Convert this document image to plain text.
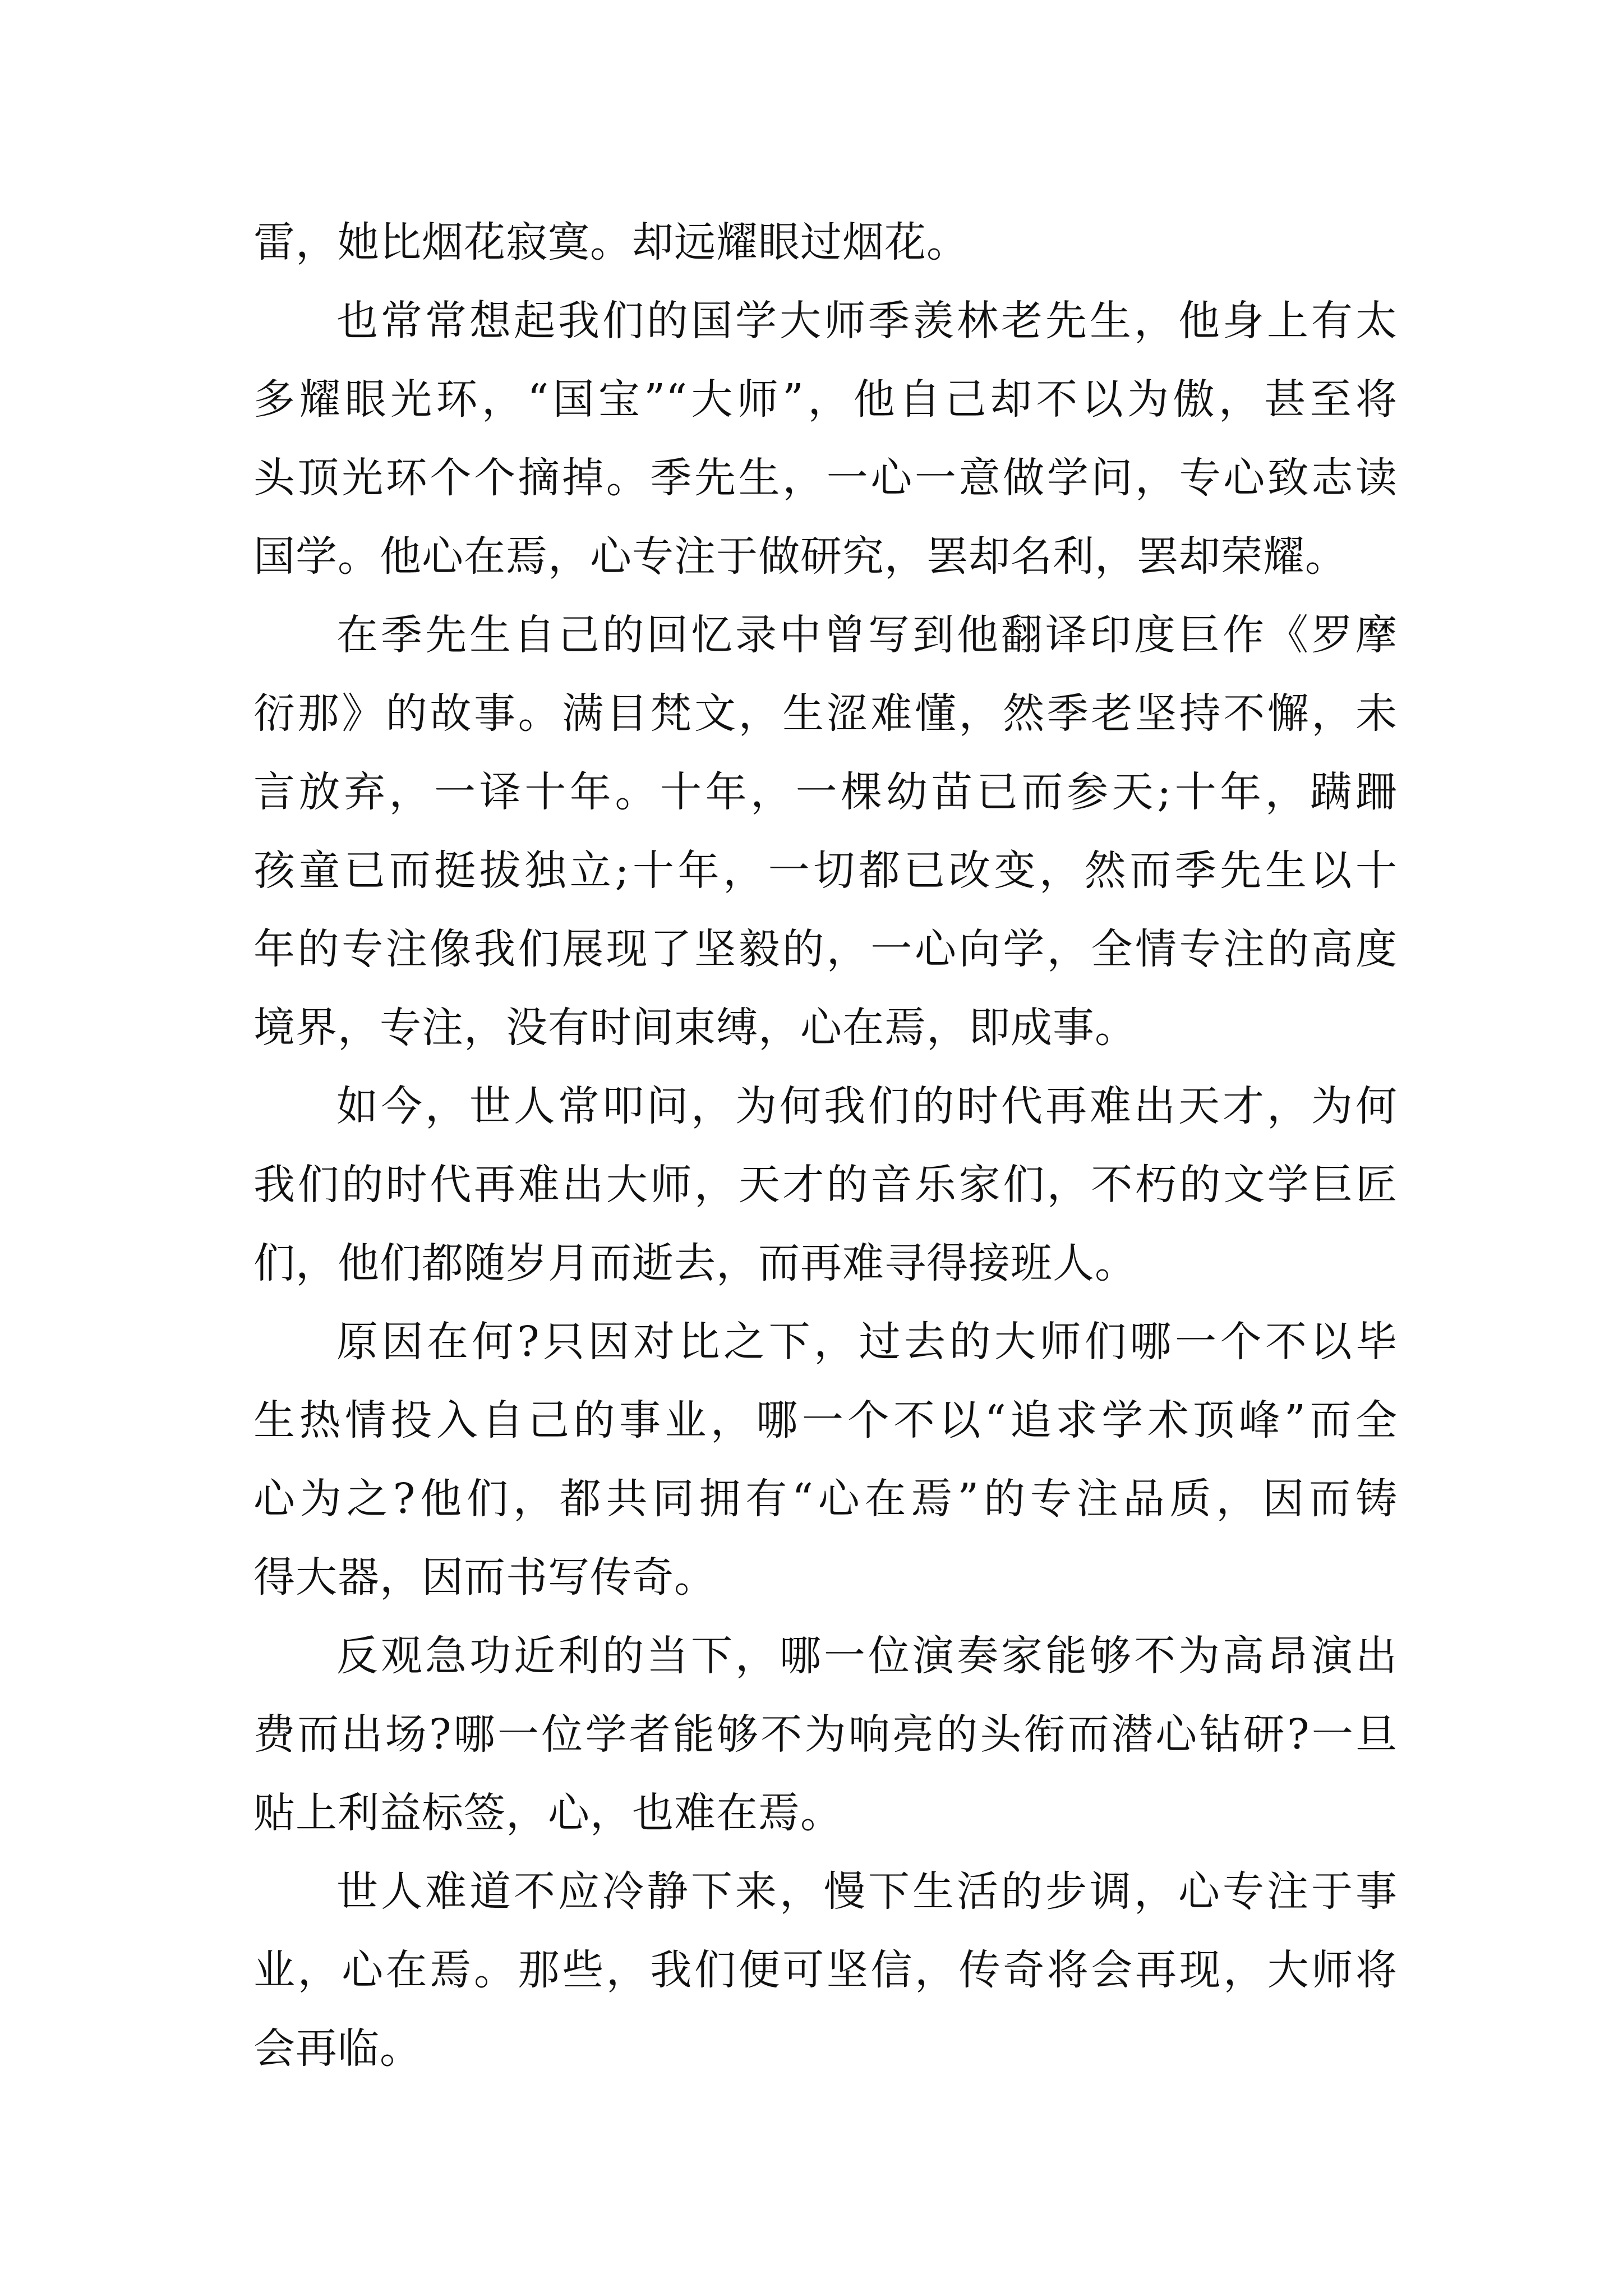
雷，她比烟花寂寞。却远耀眼过烟花。
也常常想起我们的国学大师季羡林老先生，他身上有太
多耀眼光环，“国宝”“大师”，他自己却不以为傲，甚至将
头顶光环个个摘掉。季先生，一心一意做学问，专心致志读
国学。他心在焉，心专注于做研究，罢却名利，罢却荣耀。
在季先生自己的回忆录中曾写到他翻译印度巨作《罗摩
衍那》的故事。满目梵文，生涩难懂，然季老坚持不懈，未
言放弃，一译十年。十年，一棵幼苗已而参天;十年，蹒跚
孩童已而挺拔独立;十年，一切都已改变，然而季先生以十
年的专注像我们展现了坚毅的，一心向学，全情专注的高度
境界，专注，没有时间束缚，心在焉，即成事。
如今，世人常叩问，为何我们的时代再难出天才，为何
我们的时代再难出大师，天才的音乐家们，不朽的文学巨匠
们，他们都随岁月而逝去，而再难寻得接班人。
原因在何?只因对比之下，过去的大师们哪一个不以毕
生热情投入自己的事业，哪一个不以“追求学术顶峰”而全
心为之?他们，都共同拥有“心在焉”的专注品质，因而铸
得大器，因而书写传奇。
反观急功近利的当下，哪一位演奏家能够不为高昂演出
费而出场?哪一位学者能够不为响亮的头衔而潜心钻研?一旦
贴上利益标签，心，也难在焉。
世人难道不应冷静下来，慢下生活的步调，心专注于事
业，心在焉。那些，我们便可坚信，传奇将会再现，大师将
会再临。
